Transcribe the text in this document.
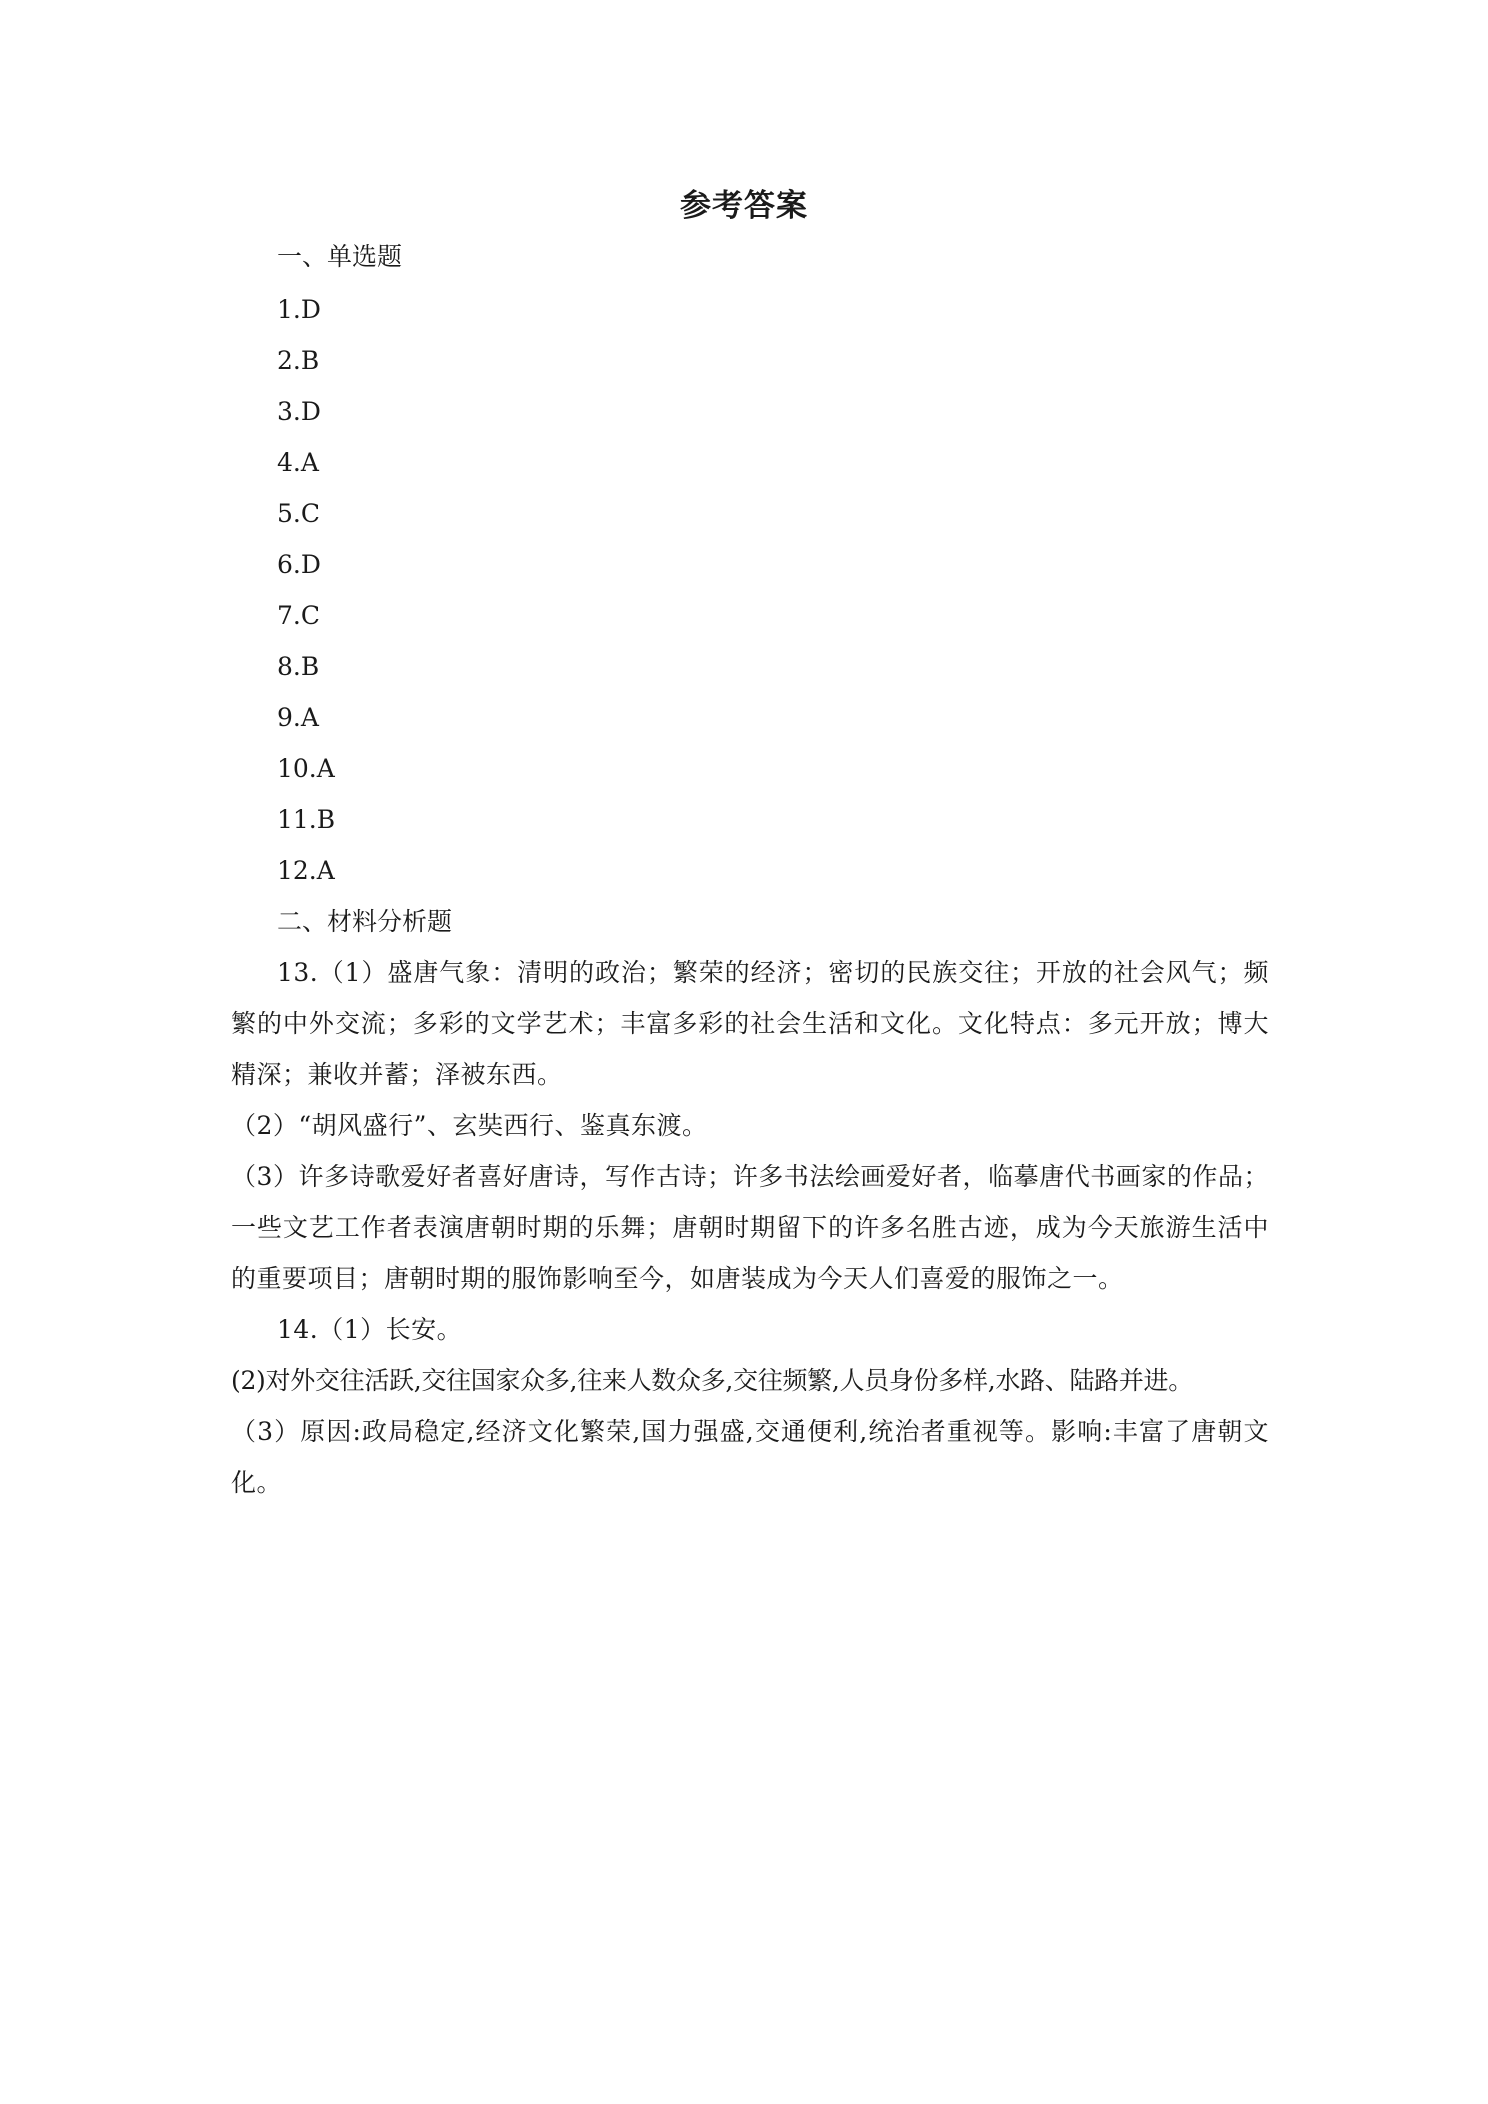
参考答案
一、单选题
1.D
2.B
3.D
4.A
5.C
6.D
7.C
8.B
9.A
10.A
11.B
12.A
二、材料分析题
13.（1）盛唐气象：清明的政治；繁荣的经济；密切的民族交往；开放的社会风气；频繁的中外交流；多彩的文学艺术；丰富多彩的社会生活和文化。文化特点：多元开放；博大精深；兼收并蓄；泽被东西。
（2）“胡风盛行”、玄奘西行、鉴真东渡。
（3）许多诗歌爱好者喜好唐诗，写作古诗；许多书法绘画爱好者，临摹唐代书画家的作品；一些文艺工作者表演唐朝时期的乐舞；唐朝时期留下的许多名胜古迹，成为今天旅游生活中的重要项目；唐朝时期的服饰影响至今，如唐装成为今天人们喜爱的服饰之一。
14.（1）长安。
(2)对外交往活跃,交往国家众多,往来人数众多,交往频繁,人员身份多样,水路、陆路并进。
（3）原因:政局稳定,经济文化繁荣,国力强盛,交通便利,统治者重视等。影响:丰富了唐朝文化。
